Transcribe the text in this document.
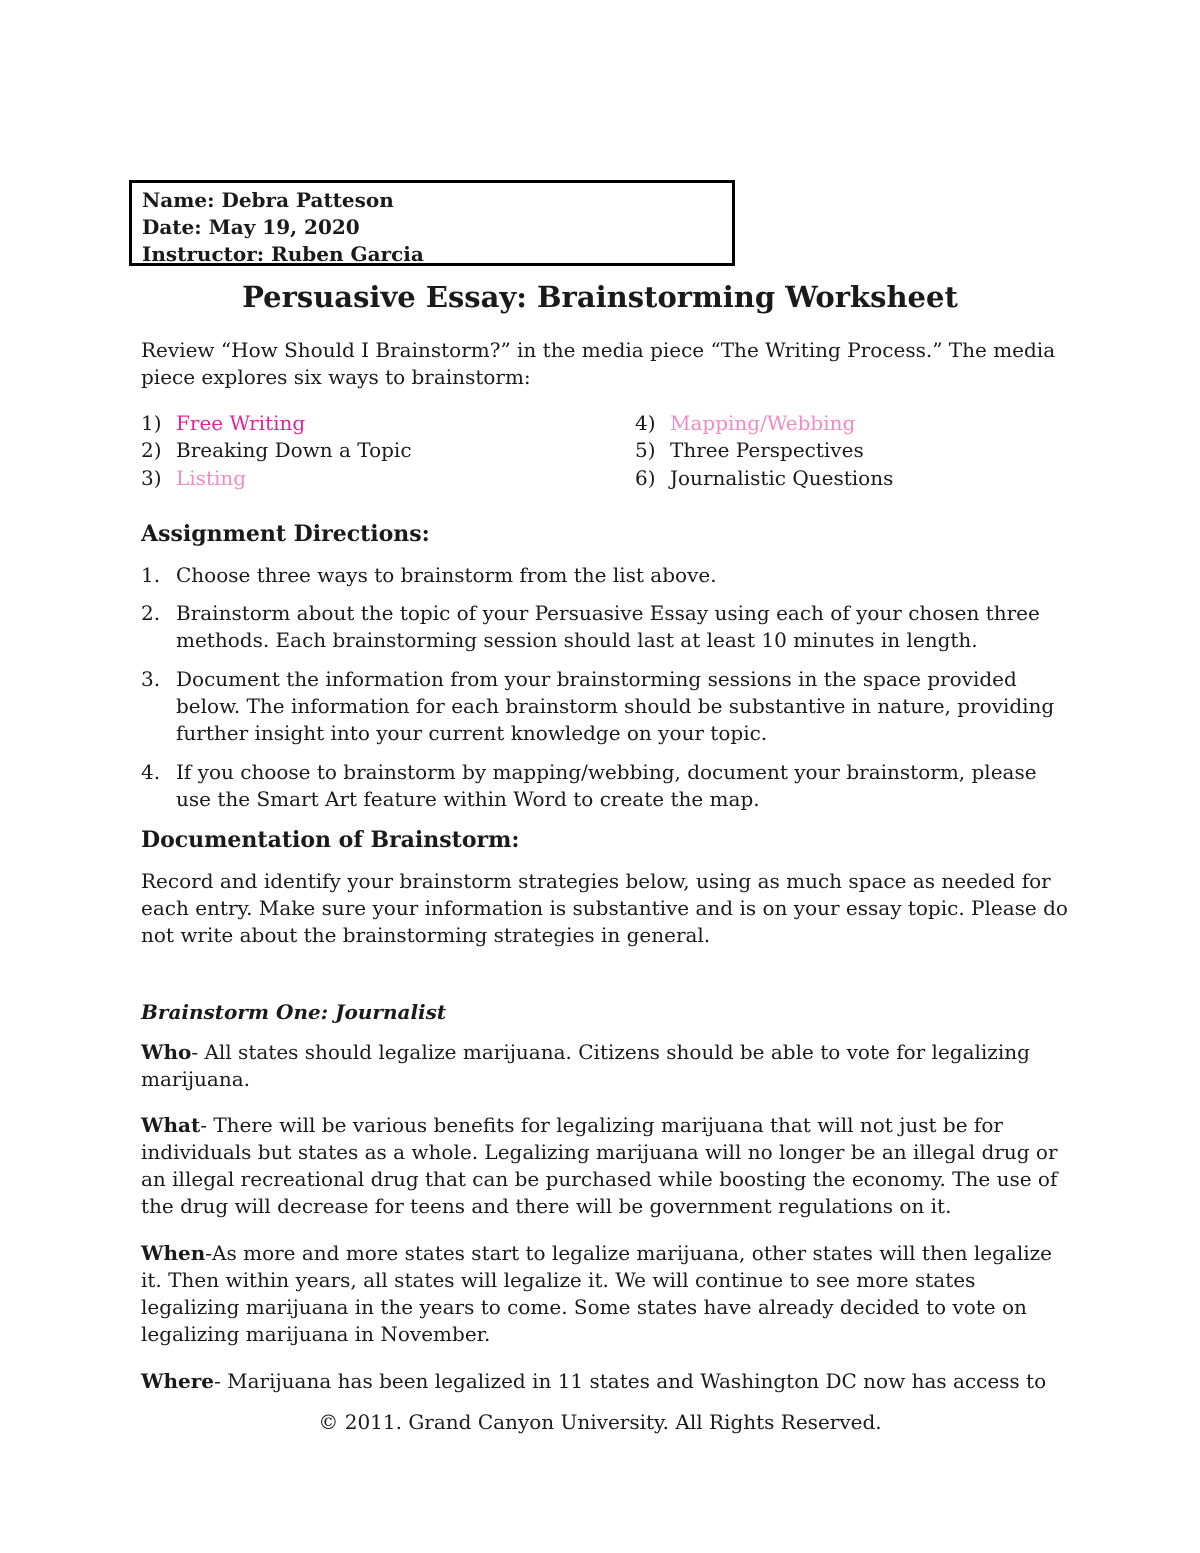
Name: Debra Patteson
Date: May 19, 2020
Instructor: Ruben Garcia
Persuasive Essay: Brainstorming Worksheet
Review “How Should I Brainstorm?” in the media piece “The Writing Process.” The media piece explores six ways to brainstorm:
1) Free Writing
2) Breaking Down a Topic
3) Listing
4) Mapping/Webbing
5) Three Perspectives
6) Journalistic Questions
Assignment Directions:
1. Choose three ways to brainstorm from the list above.
2. Brainstorm about the topic of your Persuasive Essay using each of your chosen three methods. Each brainstorming session should last at least 10 minutes in length.
3. Document the information from your brainstorming sessions in the space provided below. The information for each brainstorm should be substantive in nature, providing further insight into your current knowledge on your topic.
4. If you choose to brainstorm by mapping/webbing, document your brainstorm, please use the Smart Art feature within Word to create the map.
Documentation of Brainstorm:
Record and identify your brainstorm strategies below, using as much space as needed for each entry. Make sure your information is substantive and is on your essay topic. Please do not write about the brainstorming strategies in general.
Brainstorm One: Journalist
Who- All states should legalize marijuana. Citizens should be able to vote for legalizing marijuana.
What- There will be various benefits for legalizing marijuana that will not just be for individuals but states as a whole. Legalizing marijuana will no longer be an illegal drug or an illegal recreational drug that can be purchased while boosting the economy. The use of the drug will decrease for teens and there will be government regulations on it.
When-As more and more states start to legalize marijuana, other states will then legalize it. Then within years, all states will legalize it. We will continue to see more states legalizing marijuana in the years to come. Some states have already decided to vote on legalizing marijuana in November.
Where- Marijuana has been legalized in 11 states and Washington DC now has access to
© 2011. Grand Canyon University. All Rights Reserved.
